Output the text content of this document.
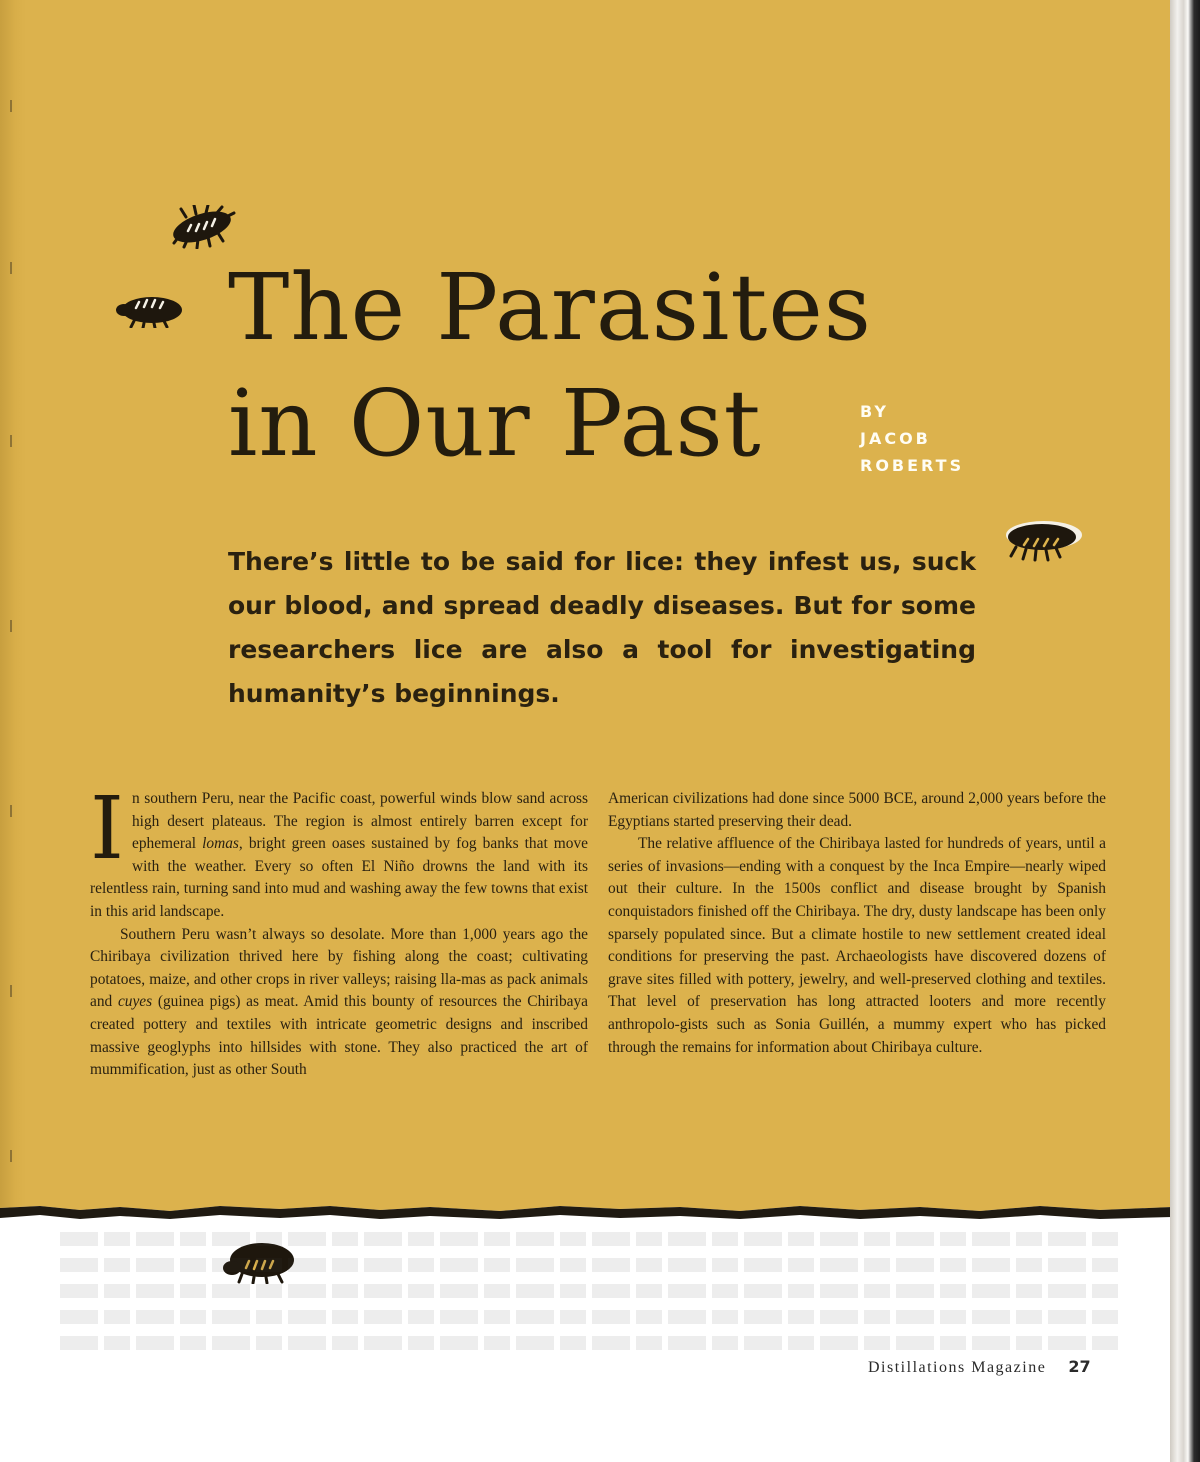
The Parasites
in Our Past	BY
JACOB
ROBERTS

There’s little to be said for lice: they infest us, suck our blood, and spread deadly diseases. But for some researchers lice are also a tool for investigating humanity’s beginnings.

In southern Peru, near the Pacific coast, powerful winds blow sand across high desert plateaus. The region is almost entirely barren except for ephemeral lomas, bright green oases sustained by fog banks that move with the weather. Every so often El Niño drowns the land with its relentless rain, turning sand into mud and washing away the few towns that exist in this arid landscape.

Southern Peru wasn’t always so desolate. More than 1,000 years ago the Chiribaya civilization thrived here by fishing along the coast; cultivating potatoes, maize, and other crops in river valleys; raising lla-mas as pack animals and cuyes (guinea pigs) as meat. Amid this bounty of resources the Chiribaya created pottery and textiles with intricate geometric designs and inscribed massive geoglyphs into hillsides with stone. They also practiced the art of mummification, just as other South

American civilizations had done since 5000 BCE, around 2,000 years before the Egyptians started preserving their dead.

The relative affluence of the Chiribaya lasted for hundreds of years, until a series of invasions—ending with a conquest by the Inca Empire—nearly wiped out their culture. In the 1500s conflict and disease brought by Spanish conquistadors finished off the Chiribaya. The dry, dusty landscape has been only sparsely populated since. But a climate hostile to new settlement created ideal conditions for preserving the past. Archaeologists have discovered dozens of grave sites filled with pottery, jewelry, and well-preserved clothing and textiles. That level of preservation has long attracted looters and more recently anthropolo-gists such as Sonia Guillén, a mummy expert who has picked through the remains for information about Chiribaya culture.

Distillations Magazine 27
